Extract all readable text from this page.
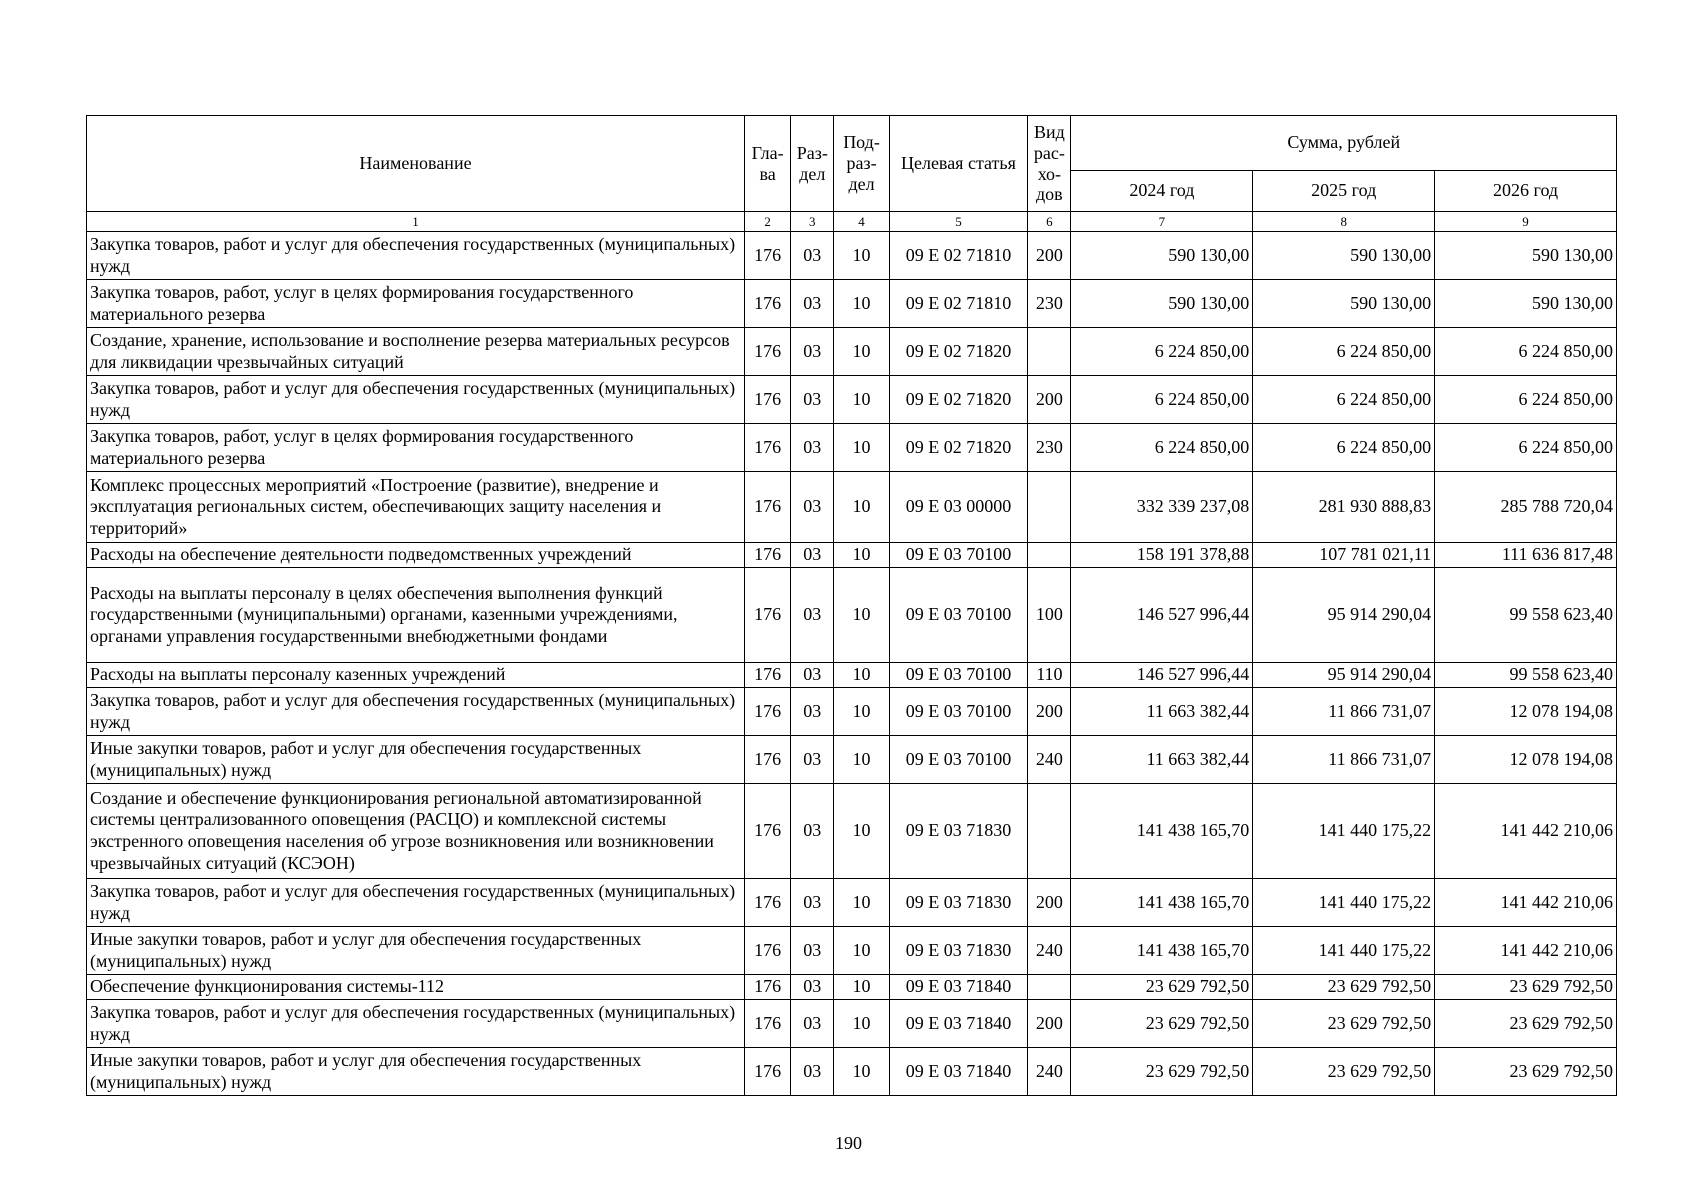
Наименование	Гла-ва	Раз-дел	Под-раз-дел	Целевая статья	Вид рас-хо-дов	Сумма, рублей		
						2024 год	2025 год	2026 год
1	2	3	4	5	6	7	8	9
Закупка товаров, работ и услуг для обеспечения государственных (муниципальных) нужд	176	03	10	09 Е 02 71810	200	590 130,00	590 130,00	590 130,00
Закупка товаров, работ, услуг в целях формирования государственного материального резерва	176	03	10	09 Е 02 71810	230	590 130,00	590 130,00	590 130,00
Создание, хранение, использование и восполнение резерва материальных ресурсов для ликвидации чрезвычайных ситуаций	176	03	10	09 Е 02 71820		6 224 850,00	6 224 850,00	6 224 850,00
Закупка товаров, работ и услуг для обеспечения государственных (муниципальных) нужд	176	03	10	09 Е 02 71820	200	6 224 850,00	6 224 850,00	6 224 850,00
Закупка товаров, работ, услуг в целях формирования государственного материального резерва	176	03	10	09 Е 02 71820	230	6 224 850,00	6 224 850,00	6 224 850,00
Комплекс процессных мероприятий «Построение (развитие), внедрение и эксплуатация региональных систем, обеспечивающих защиту населения и территорий»	176	03	10	09 Е 03 00000		332 339 237,08	281 930 888,83	285 788 720,04
Расходы на обеспечение деятельности подведомственных учреждений	176	03	10	09 Е 03 70100		158 191 378,88	107 781 021,11	111 636 817,48
Расходы на выплаты персоналу в целях обеспечения выполнения функций государственными (муниципальными) органами, казенными учреждениями, органами управления государственными внебюджетными фондами	176	03	10	09 Е 03 70100	100	146 527 996,44	95 914 290,04	99 558 623,40
Расходы на выплаты персоналу казенных учреждений	176	03	10	09 Е 03 70100	110	146 527 996,44	95 914 290,04	99 558 623,40
Закупка товаров, работ и услуг для обеспечения государственных (муниципальных) нужд	176	03	10	09 Е 03 70100	200	11 663 382,44	11 866 731,07	12 078 194,08
Иные закупки товаров, работ и услуг для обеспечения государственных (муниципальных) нужд	176	03	10	09 Е 03 70100	240	11 663 382,44	11 866 731,07	12 078 194,08
Создание и обеспечение функционирования региональной автоматизированной системы централизованного оповещения (РАСЦО) и комплексной системы экстренного оповещения населения об угрозе возникновения или возникновении чрезвычайных ситуаций (КСЭОН)	176	03	10	09 Е 03 71830		141 438 165,70	141 440 175,22	141 442 210,06
Закупка товаров, работ и услуг для обеспечения государственных (муниципальных) нужд	176	03	10	09 Е 03 71830	200	141 438 165,70	141 440 175,22	141 442 210,06
Иные закупки товаров, работ и услуг для обеспечения государственных (муниципальных) нужд	176	03	10	09 Е 03 71830	240	141 438 165,70	141 440 175,22	141 442 210,06
Обеспечение функционирования системы-112	176	03	10	09 Е 03 71840		23 629 792,50	23 629 792,50	23 629 792,50
Закупка товаров, работ и услуг для обеспечения государственных (муниципальных) нужд	176	03	10	09 Е 03 71840	200	23 629 792,50	23 629 792,50	23 629 792,50
Иные закупки товаров, работ и услуг для обеспечения государственных (муниципальных) нужд	176	03	10	09 Е 03 71840	240	23 629 792,50	23 629 792,50	23 629 792,50
190
